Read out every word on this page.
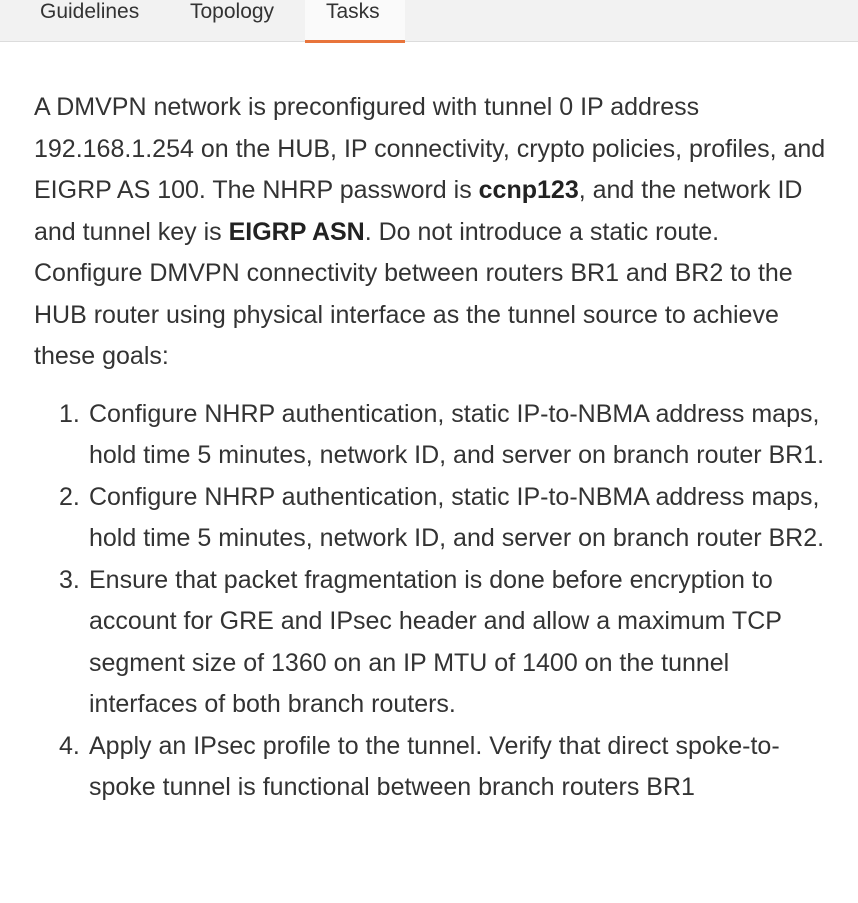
Guidelines Topology Tasks

A DMVPN network is preconfigured with tunnel 0 IP address 192.168.1.254 on the HUB, IP connectivity, crypto policies, profiles, and EIGRP AS 100. The NHRP password is ccnp123, and the network ID and tunnel key is EIGRP ASN. Do not introduce a static route. Configure DMVPN connectivity between routers BR1 and BR2 to the HUB router using physical interface as the tunnel source to achieve these goals:

1. Configure NHRP authentication, static IP-to-NBMA address maps, hold time 5 minutes, network ID, and server on branch router BR1.
2. Configure NHRP authentication, static IP-to-NBMA address maps, hold time 5 minutes, network ID, and server on branch router BR2.
3. Ensure that packet fragmentation is done before encryption to account for GRE and IPsec header and allow a maximum TCP segment size of 1360 on an IP MTU of 1400 on the tunnel interfaces of both branch routers.
4. Apply an IPsec profile to the tunnel. Verify that direct spoke-to-spoke tunnel is functional between branch routers BR1
